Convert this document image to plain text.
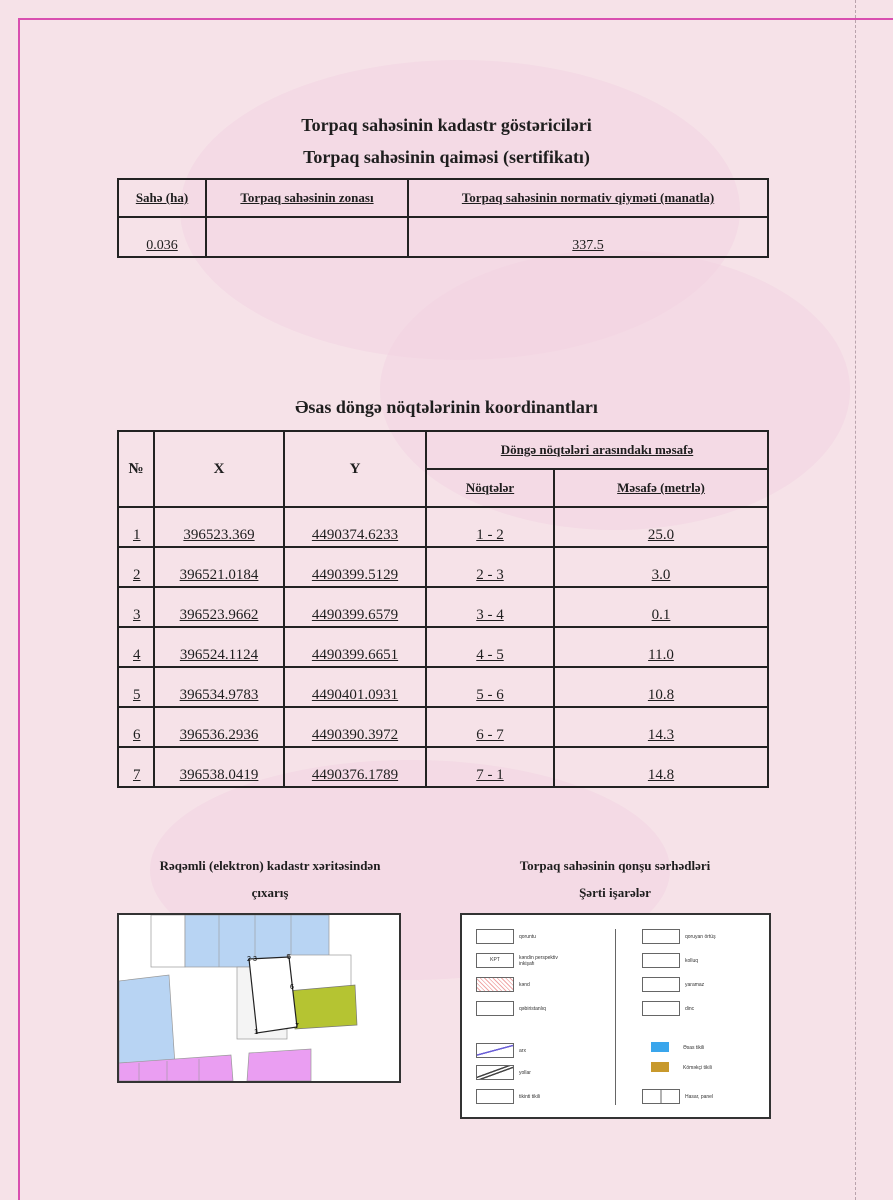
Torpaq sahəsinin kadastr göstəriciləri
Torpaq sahəsinin qaiməsi (sertifikatı)
Sahə (ha)	Torpaq sahəsinin zonası	Torpaq sahəsinin normativ qiyməti (manatla)
0.036		337.5
Əsas döngə nöqtələrinin koordinantları
№	X	Y	Döngə nöqtələri arasındakı məsafə	
			Nöqtələr	Məsafə (metrlə)
1	396523.369	4490374.6233	1 - 2	25.0
2	396521.0184	4490399.5129	2 - 3	3.0
3	396523.9662	4490399.6579	3 - 4	0.1
4	396524.1124	4490399.6651	4 - 5	11.0
5	396534.9783	4490401.0931	5 - 6	10.8
6	396536.2936	4490390.3972	6 - 7	14.3
7	396538.0419	4490376.1789	7 - 1	14.8
Rəqəmli (elektron) kadastr xəritəsindən
çıxarış
Torpaq sahəsinin qonşu sərhədləri
Şərti işarələr
2 3	5
6
1
7
qoruntu
KPT	kəndin perspektiv inkişafı
kənd
qəbiristanlıq
arx
yollar
tikinti tikili
qoruyan örtüş
kolluq
yaramaz
dinc
Əsas tikili
Köməkçi tikili
Hasar, panel
